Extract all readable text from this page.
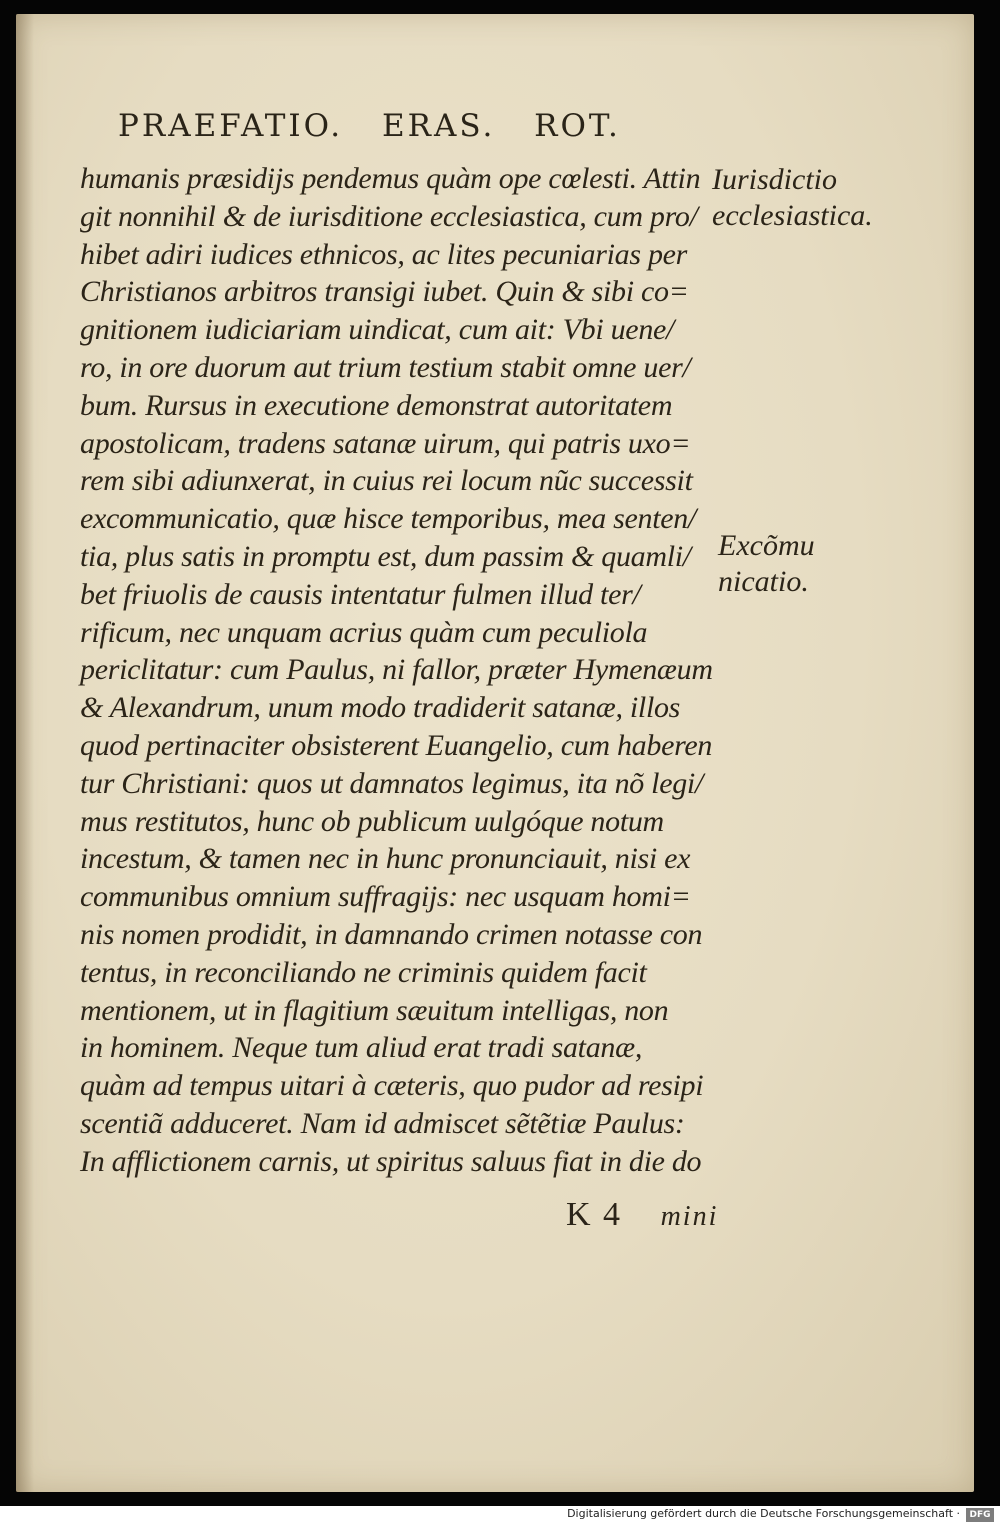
PRAEFATIO. ERAS. ROT.
humanis præsidijs pendemus quàm ope cœlesti. Attin
git nonnihil & de iurisditione ecclesiastica, cum pro/
hibet adiri iudices ethnicos, ac lites pecuniarias per
Christianos arbitros transigi iubet. Quin & sibi co=
gnitionem iudiciariam uindicat, cum ait: Vbi uene/
ro, in ore duorum aut trium testium stabit omne uer/
bum. Rursus in executione demonstrat autoritatem
apostolicam, tradens satanæ uirum, qui patris uxo=
rem sibi adiunxerat, in cuius rei locum nũc successit
excommunicatio, quæ hisce temporibus, mea senten/
tia, plus satis in promptu est, dum passim & quamli/
bet friuolis de causis intentatur fulmen illud ter/
rificum, nec unquam acrius quàm cum peculiola
periclitatur: cum Paulus, ni fallor, præter Hymenæum
& Alexandrum, unum modo tradiderit satanæ, illos
quod pertinaciter obsisterent Euangelio, cum haberen
tur Christiani: quos ut damnatos legimus, ita nõ legi/
mus restitutos, hunc ob publicum uulgóque notum
incestum, & tamen nec in hunc pronunciauit, nisi ex
communibus omnium suffragijs: nec usquam homi=
nis nomen prodidit, in damnando crimen notasse con
tentus, in reconciliando ne criminis quidem facit
mentionem, ut in flagitium sæuitum intelligas, non
in hominem. Neque tum aliud erat tradi satanæ,
quàm ad tempus uitari à cæteris, quo pudor ad resipi
scentiã adduceret. Nam id admiscet sẽtẽtiæ Paulus:
In afflictionem carnis, ut spiritus saluus fiat in die do
Iurisdictio
ecclesiastica.
Excõmu
nicatio.
K 4 mini
Digitalisierung gefördert durch die Deutsche Forschungsgemeinschaft ·	DFG
